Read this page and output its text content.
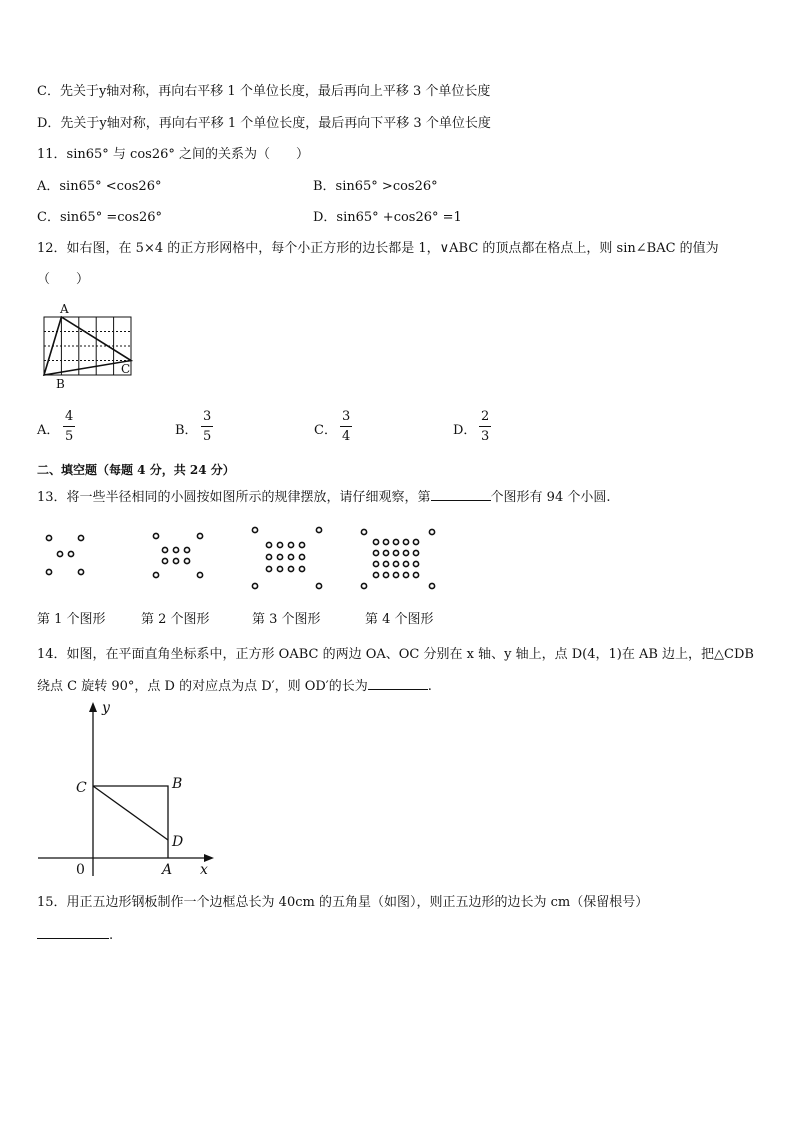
C．先关于y轴对称，再向右平移 1 个单位长度，最后再向上平移 3 个单位长度
D．先关于y轴对称，再向右平移 1 个单位长度，最后再向下平移 3 个单位长度
11．sin65° 与 cos26° 之间的关系为（　　）
A．sin65° <cos26°	B．sin65° >cos26°
C．sin65° =cos26°	D．sin65° +cos26° =1
12．如右图，在 5×4 的正方形网格中，每个小正方形的边长都是 1，∨ABC 的顶点都在格点上，则 sin∠BAC 的值为
（　　）
A
B
C
A．
4
5	B．
3
5	C．
3
4	D．
2
3
二、填空题（每题 4 分，共 24 分）
13．将一些半径相同的小圆按如图所示的规律摆放，请仔细观察，第	个图形有 94 个小圆.
第 1 个图形	第 2 个图形	第 3 个图形	第 4 个图形
14．如图，在平面直角坐标系中，正方形 OABC 的两边 OA、OC 分别在 x 轴、y 轴上，点 D(4，1)在 AB 边上，把△CDB
绕点 C 旋转 90°，点 D 的对应点为点 D′，则 OD′的长为	.
y
x
0
C	B
D
A
15．用正五边形钢板制作一个边框总长为 40cm 的五角星（如图），则正五边形的边长为 cm（保留根号）
.
